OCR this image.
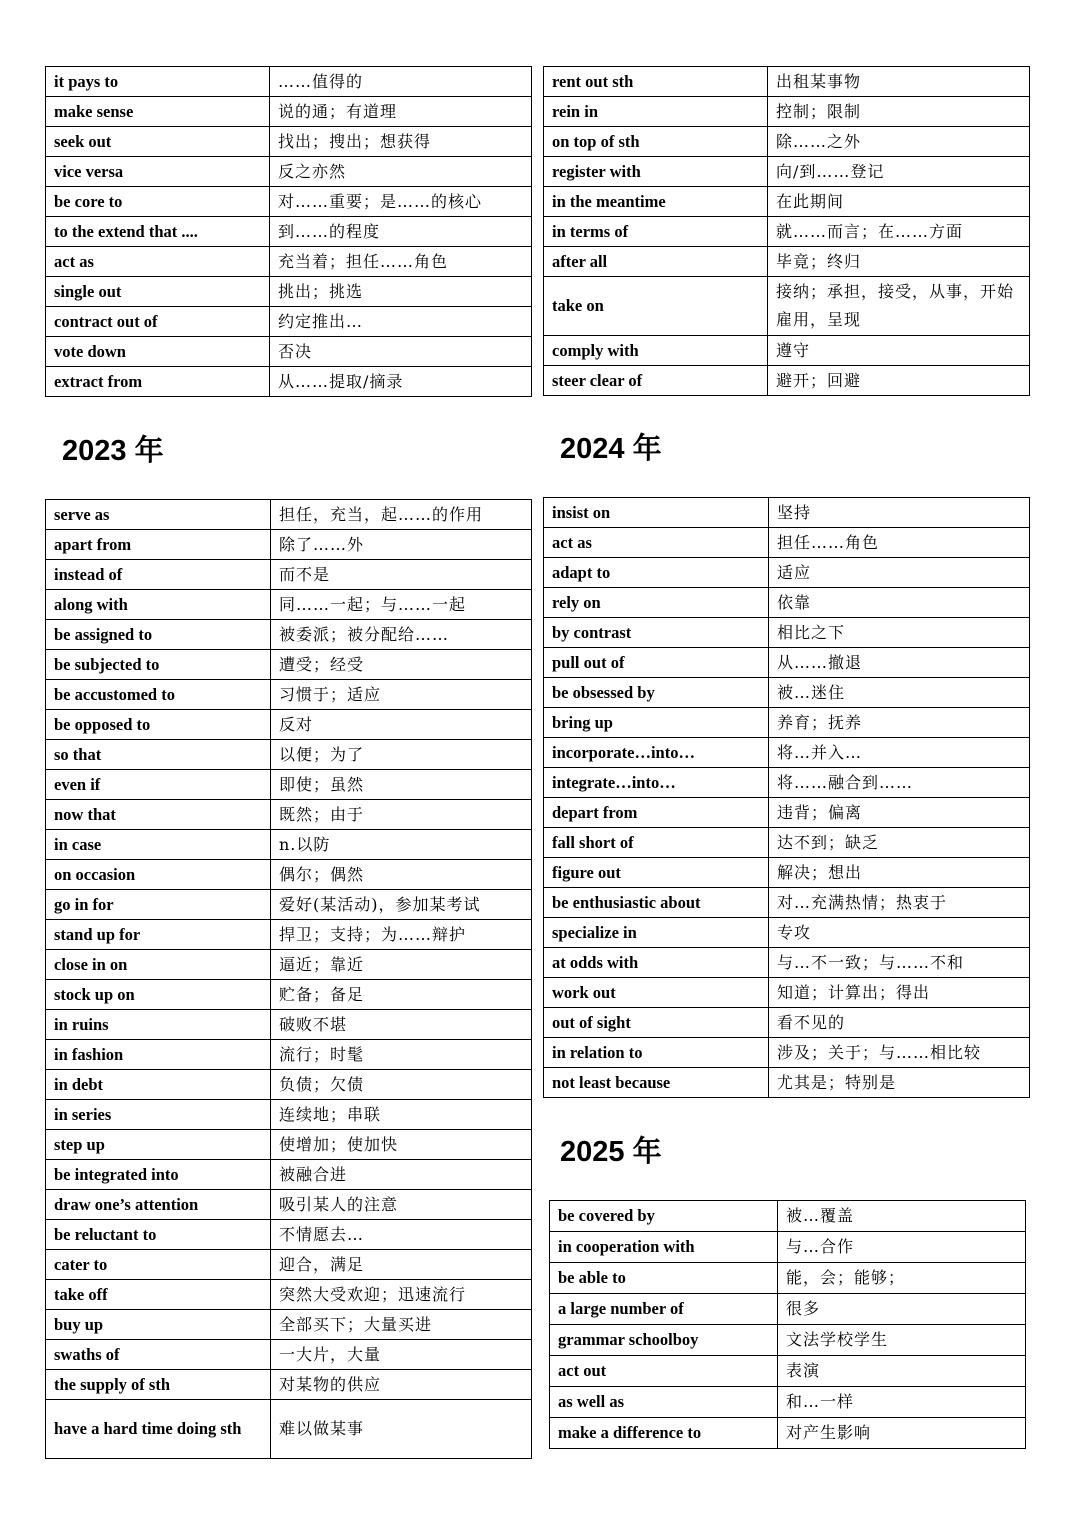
it pays to	……值得的
make sense	说的通；有道理
seek out	找出；搜出；想获得
vice versa	反之亦然
be core to	对……重要；是……的核心
to the extend that ....	到……的程度
act as	充当着；担任……角色
single out	挑出；挑选
contract out of	约定推出…
vote down	否决
extract from	从……提取/摘录
rent out sth	出租某事物
rein in	控制；限制
on top of sth	除……之外
register with	向/到……登记
in the meantime	在此期间
in terms of	就……而言；在……方面
after all	毕竟；终归
take on	接纳；承担，接受，从事，开始雇用，呈现
comply with	遵守
steer clear of	避开；回避
2023 年
serve as	担任，充当，起……的作用
apart from	除了……外
instead of	而不是
along with	同……一起；与……一起
be assigned to	被委派；被分配给……
be subjected to	遭受；经受
be accustomed to	习惯于；适应
be opposed to	反对
so that	以便；为了
even if	即使；虽然
now that	既然；由于
in case	n.以防
on occasion	偶尔；偶然
go in for	爱好(某活动)，参加某考试
stand up for	捍卫；支持；为……辩护
close in on	逼近；靠近
stock up on	贮备；备足
in ruins	破败不堪
in fashion	流行；时髦
in debt	负债；欠债
in series	连续地；串联
step up	使增加；使加快
be integrated into	被融合进
draw one’s attention	吸引某人的注意
be reluctant to	不情愿去…
cater to	迎合，满足
take off	突然大受欢迎；迅速流行
buy up	全部买下；大量买进
swaths of	一大片，大量
the supply of sth	对某物的供应
have a hard time doing sth	难以做某事
2024 年
insist on	坚持
act as	担任……角色
adapt to	适应
rely on	依靠
by contrast	相比之下
pull out of	从……撤退
be obsessed by	被…迷住
bring up	养育；抚养
incorporate…into…	将…并入…
integrate…into…	将……融合到……
depart from	违背；偏离
fall short of	达不到；缺乏
figure out	解决；想出
be enthusiastic about	对…充满热情；热衷于
specialize in	专攻
at odds with	与…不一致；与……不和
work out	知道；计算出；得出
out of sight	看不见的
in relation to	涉及；关于；与……相比较
not least because	尤其是；特别是
2025 年
be covered by	被…覆盖
in cooperation with	与…合作
be able to	能，会；能够；
a large number of	很多
grammar schoolboy	文法学校学生
act out	表演
as well as	和…一样
make a difference to	对产生影响
